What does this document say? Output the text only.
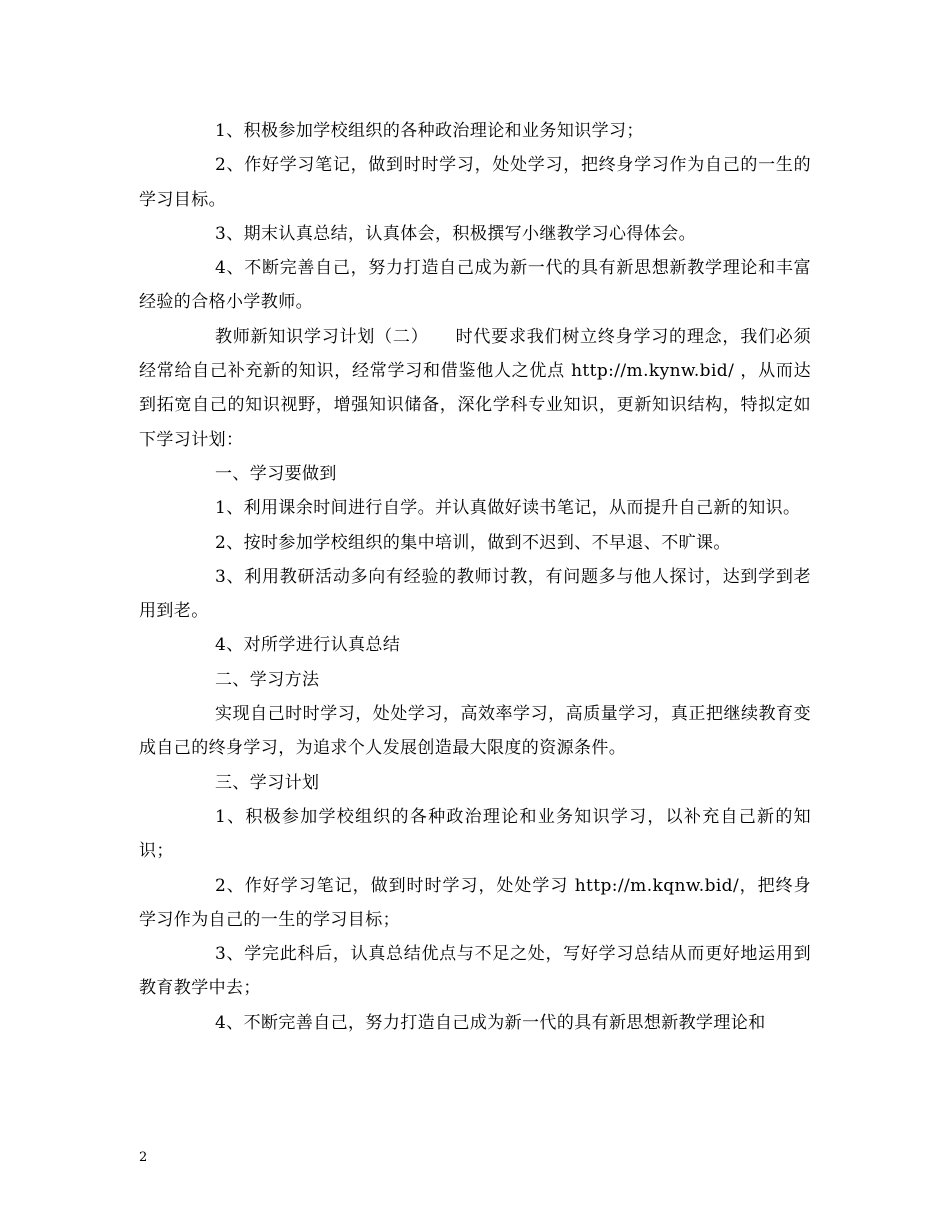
1、积极参加学校组织的各种政治理论和业务知识学习；

2、作好学习笔记，做到时时学习，处处学习，把终身学习作为自己的一生的学习目标。

3、期末认真总结，认真体会，积极撰写小继教学习心得体会。

4、不断完善自己，努力打造自己成为新一代的具有新思想新教学理论和丰富经验的合格小学教师。

教师新知识学习计划（二）　　时代要求我们树立终身学习的理念，我们必须经常给自己补充新的知识，经常学习和借鉴他人之优点 http://m.kynw.bid/ ，从而达到拓宽自己的知识视野，增强知识储备，深化学科专业知识，更新知识结构，特拟定如下学习计划：

一、学习要做到

1、利用课余时间进行自学。并认真做好读书笔记，从而提升自己新的知识。

2、按时参加学校组织的集中培训，做到不迟到、不早退、不旷课。

3、利用教研活动多向有经验的教师讨教，有问题多与他人探讨，达到学到老用到老。

4、对所学进行认真总结

二、学习方法

实现自己时时学习，处处学习，高效率学习，高质量学习，真正把继续教育变成自己的终身学习，为追求个人发展创造最大限度的资源条件。

三、学习计划

1、积极参加学校组织的各种政治理论和业务知识学习，以补充自己新的知识；

2、作好学习笔记，做到时时学习，处处学习 http://m.kqnw.bid/，把终身学习作为自己的一生的学习目标；

3、学完此科后，认真总结优点与不足之处，写好学习总结从而更好地运用到教育教学中去；

4、不断完善自己，努力打造自己成为新一代的具有新思想新教学理论和

2
